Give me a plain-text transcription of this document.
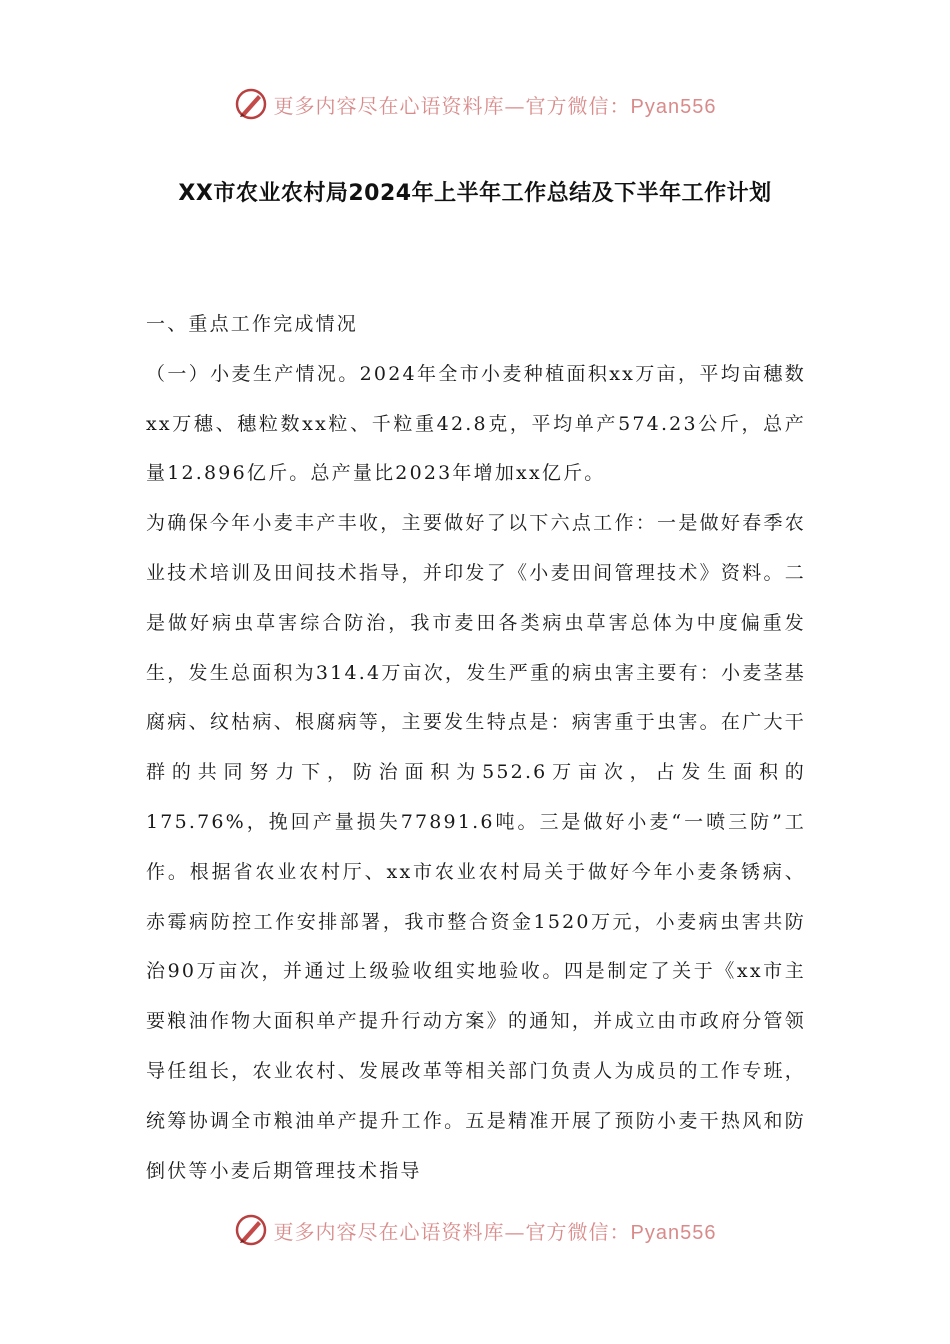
更多内容尽在心语资料库—官方微信：Pyan556
XX市农业农村局2024年上半年工作总结及下半年工作计划

一、重点工作完成情况

（一）小麦生产情况。2024年全市小麦种植面积xx万亩，平均亩穗数xx万穗、穗粒数xx粒、千粒重42.8克，平均单产574.23公斤，总产量12.896亿斤。总产量比2023年增加xx亿斤。

为确保今年小麦丰产丰收，主要做好了以下六点工作：一是做好春季农业技术培训及田间技术指导，并印发了《小麦田间管理技术》资料。二是做好病虫草害综合防治，我市麦田各类病虫草害总体为中度偏重发生，发生总面积为314.4万亩次，发生严重的病虫害主要有：小麦茎基腐病、纹枯病、根腐病等，主要发生特点是：病害重于虫害。在广大干群的共同努力下，防治面积为552.6万亩次，占发生面积的175.76%，挽回产量损失77891.6吨。三是做好小麦“一喷三防”工作。根据省农业农村厅、xx市农业农村局关于做好今年小麦条锈病、赤霉病防控工作安排部署，我市整合资金1520万元，小麦病虫害共防治90万亩次，并通过上级验收组实地验收。四是制定了关于《xx市主要粮油作物大面积单产提升行动方案》的通知，并成立由市政府分管领导任组长，农业农村、发展改革等相关部门负责人为成员的工作专班，统筹协调全市粮油单产提升工作。五是精准开展了预防小麦干热风和防倒伏等小麦后期管理技术指导

更多内容尽在心语资料库—官方微信：Pyan556
